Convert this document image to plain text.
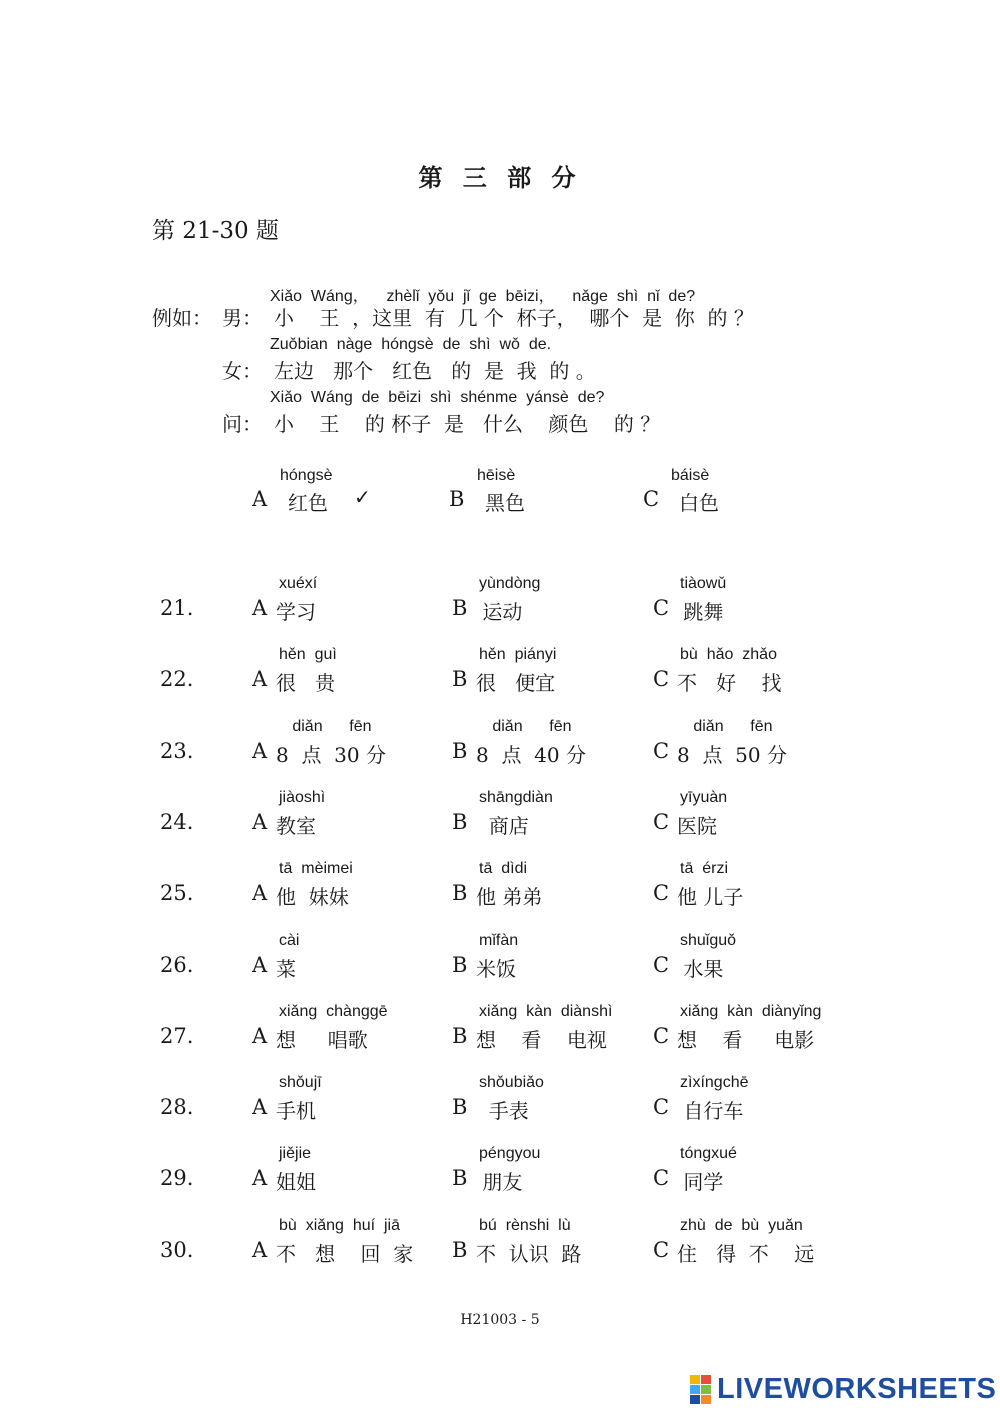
第 三 部 分
第 21-30 题
例如： 男：
Xiǎo  Wáng，    zhèlǐ  yǒu  jǐ  ge  bēizi，    nǎge  shì  nǐ  de?
小    王  ，这里  有  几 个  杯子，  哪个  是  你  的 ？
女：
Zuǒbian  nàge  hóngsè  de  shì  wǒ  de.
左边   那个   红色   的  是  我  的 。
问：
Xiǎo  Wáng  de  bēizi  shì  shénme  yánsè  de?
小    王    的 杯子  是   什么    颜色    的 ？
A
hóngsè
红色 ✓	B
hēisè
黑色	C
báisè
白色
21.	A
xuéxí
学习	B
yùndòng
运动	C
tiàowǔ
跳舞
22.	A
hěn  guì
很   贵	B
hěn  piányi
很   便宜	C
bù  hǎo  zhǎo
不   好    找
23.	A
diǎn      fēn
8  点  30 分	B
diǎn      fēn
8  点  40 分	C
diǎn      fēn
8  点  50 分
24.	A
jiàoshì
教室	B
shāngdiàn
商店	C
yīyuàn
医院
25.	A
tā  mèimei
他  妹妹	B
tā  dìdi
他 弟弟	C
tā  érzi
他 儿子
26.	A
cài
菜	B
mǐfàn
米饭	C
shuǐguǒ
水果
27.	A
xiǎng  chànggē
想     唱歌	B
xiǎng  kàn  diànshì
想    看    电视 C
xiǎng  kàn  diànyǐng
想    看     电影
28.	A
shǒujī
手机	B
shǒubiǎo
手表	C
zìxíngchē
自行车
29.	A
jiějie
姐姐	B
péngyou
朋友	C
tóngxué
同学
30.	A
bù  xiǎng  huí  jiā
不   想    回  家 B
bú  rènshi  lù
不  认识  路	C
zhù  de  bù  yuǎn
住   得  不    远
H21003 - 5
LIVEWORKSHEETS
